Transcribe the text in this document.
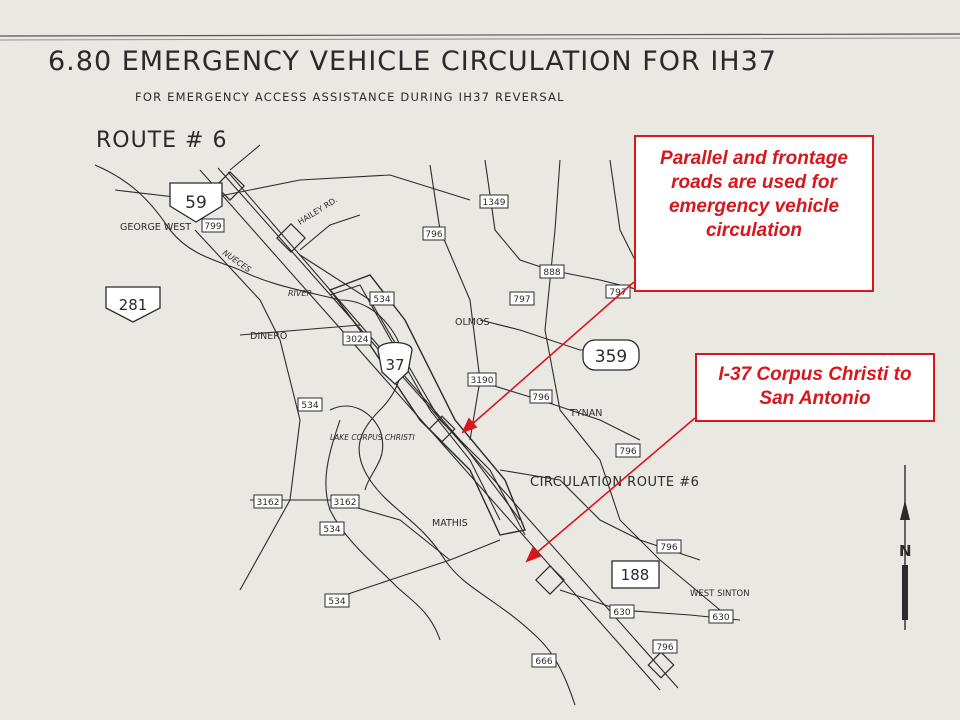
59
281
37	359
188
799
1349
796
888
797
797
534
3024
3190
796
534
796
3162	3162
534
534
796
630	630
796
666
GEORGE WEST
DINERO
OLMOS
TYNAN
MATHIS
WEST SINTON
LAKE CORPUS CHRISTI
NUECES
RIVER
HAILEY RD.
CIRCULATION ROUTE #6
N
6.80 EMERGENCY VEHICLE CIRCULATION FOR IH37
FOR EMERGENCY ACCESS ASSISTANCE DURING IH37 REVERSAL
ROUTE # 6
Parallel and frontage roads are used for emergency vehicle circulation
I-37 Corpus Christi to San Antonio
